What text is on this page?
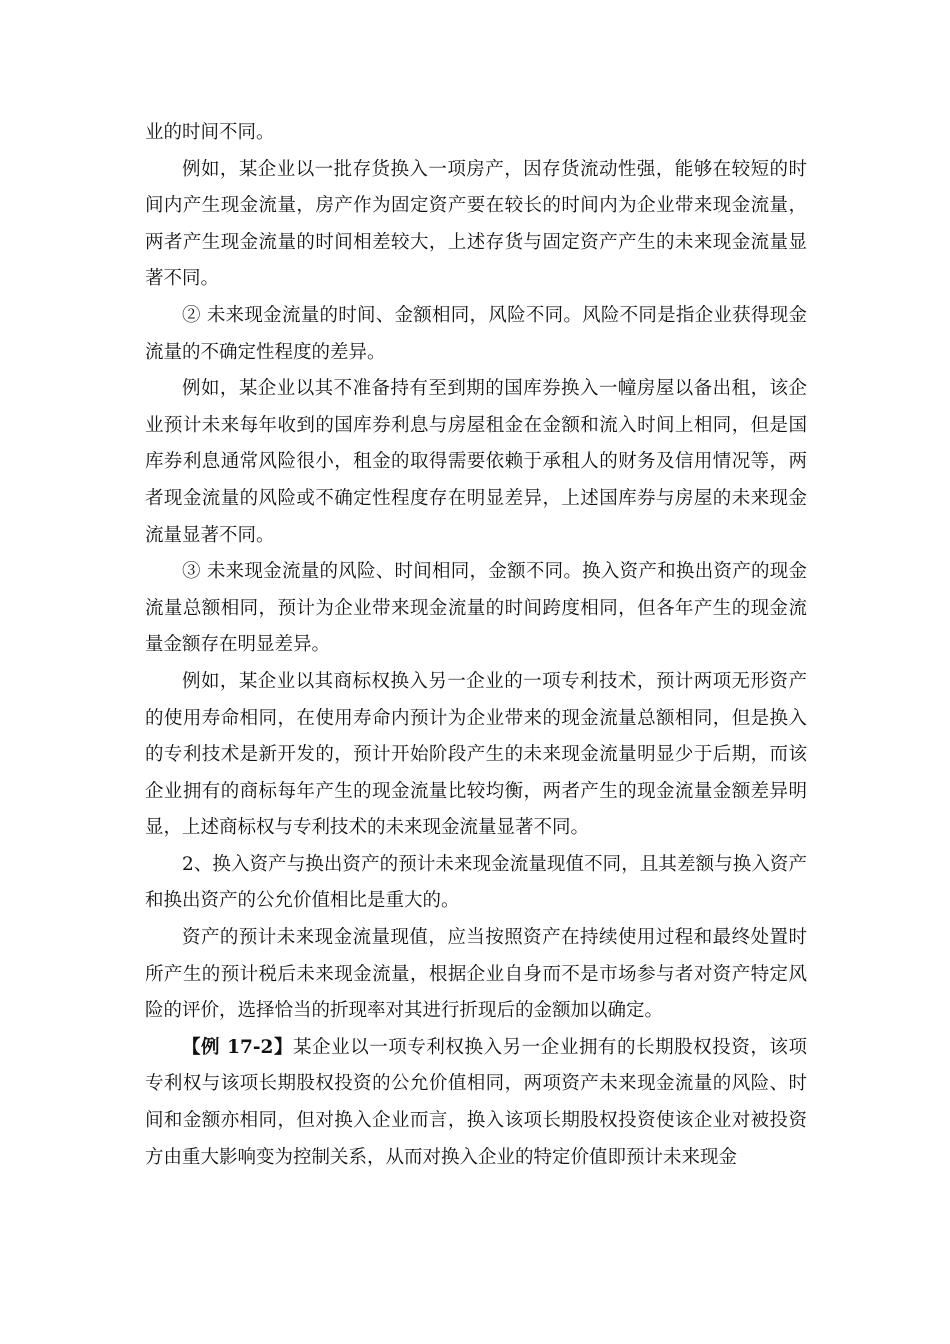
业的时间不同。

例如，某企业以一批存货换入一项房产，因存货流动性强，能够在较短的时间内产生现金流量，房产作为固定资产要在较长的时间内为企业带来现金流量，两者产生现金流量的时间相差较大，上述存货与固定资产产生的未来现金流量显著不同。

② 未来现金流量的时间、金额相同，风险不同。风险不同是指企业获得现金流量的不确定性程度的差异。

例如，某企业以其不准备持有至到期的国库券换入一幢房屋以备出租，该企业预计未来每年收到的国库券利息与房屋租金在金额和流入时间上相同，但是国库券利息通常风险很小，租金的取得需要依赖于承租人的财务及信用情况等，两者现金流量的风险或不确定性程度存在明显差异，上述国库券与房屋的未来现金流量显著不同。

③ 未来现金流量的风险、时间相同，金额不同。换入资产和换出资产的现金流量总额相同，预计为企业带来现金流量的时间跨度相同，但各年产生的现金流量金额存在明显差异。

例如，某企业以其商标权换入另一企业的一项专利技术，预计两项无形资产的使用寿命相同，在使用寿命内预计为企业带来的现金流量总额相同，但是换入的专利技术是新开发的，预计开始阶段产生的未来现金流量明显少于后期，而该企业拥有的商标每年产生的现金流量比较均衡，两者产生的现金流量金额差异明显，上述商标权与专利技术的未来现金流量显著不同。

2、换入资产与换出资产的预计未来现金流量现值不同，且其差额与换入资产和换出资产的公允价值相比是重大的。

资产的预计未来现金流量现值，应当按照资产在持续使用过程和最终处置时所产生的预计税后未来现金流量，根据企业自身而不是市场参与者对资产特定风险的评价，选择恰当的折现率对其进行折现后的金额加以确定。

【例 17-2】某企业以一项专利权换入另一企业拥有的长期股权投资，该项专利权与该项长期股权投资的公允价值相同，两项资产未来现金流量的风险、时间和金额亦相同，但对换入企业而言，换入该项长期股权投资使该企业对被投资方由重大影响变为控制关系，从而对换入企业的特定价值即预计未来现金
